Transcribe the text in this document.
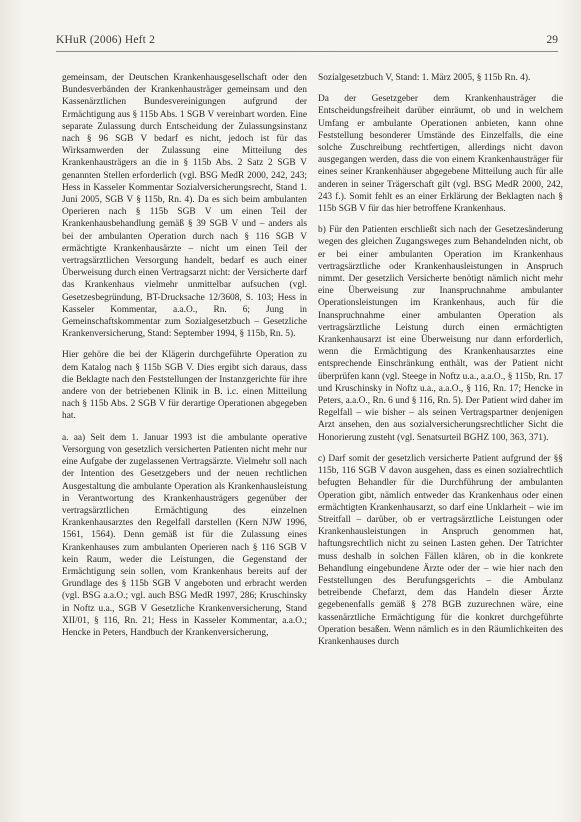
KHuR (2006) Heft 2	29

gemeinsam, der Deutschen Krankenhausgesellschaft oder den Bundesverbänden der Krankenhausträger gemeinsam und den Kassenärztlichen Bundesvereinigungen aufgrund der Ermächtigung aus § 115b Abs. 1 SGB V vereinbart worden. Eine separate Zulassung durch Entscheidung der Zulassungsinstanz nach § 96 SGB V bedarf es nicht, jedoch ist für das Wirksamwerden der Zulassung eine Mitteilung des Krankenhausträgers an die in § 115b Abs. 2 Satz 2 SGB V genannten Stellen erforderlich (vgl. BSG MedR 2000, 242, 243; Hess in Kasseler Kommentar Sozialversicherungsrecht, Stand 1. Juni 2005, SGB V § 115b, Rn. 4). Da es sich beim ambulanten Operieren nach § 115b SGB V um einen Teil der Krankenhausbehandlung gemäß § 39 SGB V und – anders als bei der ambulanten Operation durch nach § 116 SGB V ermächtigte Krankenhausärzte – nicht um einen Teil der vertragsärztlichen Versorgung handelt, bedarf es auch einer Überweisung durch einen Vertragsarzt nicht: der Versicherte darf das Krankenhaus vielmehr unmittelbar aufsuchen (vgl. Gesetzesbegründung, BT-Drucksache 12/3608, S. 103; Hess in Kasseler Kommentar, a.a.O., Rn. 6; Jung in Gemeinschaftskommentar zum Sozialgesetzbuch – Gesetzliche Krankenversicherung, Stand: September 1994, § 115b, Rn. 5).

Hier gehöre die bei der Klägerin durchgeführte Operation zu dem Katalog nach § 115b SGB V. Dies ergibt sich daraus, dass die Beklagte nach den Feststellungen der Instanzgerichte für ihre andere von der betriebenen Klinik in B. i.c. einen Mitteilung nach § 115b Abs. 2 SGB V für derartige Operationen abgegeben hat.

a. aa) Seit dem 1. Januar 1993 ist die ambulante operative Versorgung von gesetzlich versicherten Patienten nicht mehr nur eine Aufgabe der zugelassenen Vertragsärzte. Vielmehr soll nach der Intention des Gesetzgebers und der neuen rechtlichen Ausgestaltung die ambulante Operation als Krankenhausleistung in Verantwortung des Krankenhausträgers gegenüber der vertragsärztlichen Ermächtigung des einzelnen Krankenhausarztes den Regelfall darstellen (Kern NJW 1996, 1561, 1564). Denn gemäß ist für die Zulassung eines Krankenhauses zum ambulanten Operieren nach § 116 SGB V kein Raum, weder die Leistungen, die Gegenstand der Ermächtigung sein sollen, vom Krankenhaus bereits auf der Grundlage des § 115b SGB V angeboten und erbracht werden (vgl. BSG a.a.O.; vgl. auch BSG MedR 1997, 286; Kruschinsky in Noftz u.a., SGB V Gesetzliche Krankenversicherung, Stand XII/01, § 116, Rn. 21; Hess in Kasseler Kommentar, a.a.O.; Hencke in Peters, Handbuch der Krankenversicherung,

Sozialgesetzbuch V, Stand: 1. März 2005, § 115b Rn. 4).

Da der Gesetzgeber dem Krankenhausträger die Entscheidungsfreiheit darüber einräumt, ob und in welchem Umfang er ambulante Operationen anbieten, kann ohne Feststellung besonderer Umstände des Einzelfalls, die eine solche Zuschreibung rechtfertigen, allerdings nicht davon ausgegangen werden, dass die von einem Krankenhausträger für eines seiner Krankenhäuser abgegebene Mitteilung auch für alle anderen in seiner Trägerschaft gilt (vgl. BSG MedR 2000, 242, 243 f.). Somit fehlt es an einer Erklärung der Beklagten nach § 115b SGB V für das hier betroffene Krankenhaus.

b) Für den Patienten erschließt sich nach der Gesetzesänderung wegen des gleichen Zugangsweges zum Behandelnden nicht, ob er bei einer ambulanten Operation im Krankenhaus vertragsärztliche oder Krankenhausleistungen in Anspruch nimmt. Der gesetzlich Versicherte benötigt nämlich nicht mehr eine Überweisung zur Inanspruchnahme ambulanter Operationsleistungen im Krankenhaus, auch für die Inanspruchnahme einer ambulanten Operation als vertragsärztliche Leistung durch einen ermächtigten Krankenhausarzt ist eine Überweisung nur dann erforderlich, wenn die Ermächtigung des Krankenhausarztes eine entsprechende Einschränkung enthält, was der Patient nicht überprüfen kann (vgl. Steege in Noftz u.a., a.a.O., § 115b, Rn. 17 und Kruschinsky in Noftz u.a., a.a.O., § 116, Rn. 17; Hencke in Peters, a.a.O., Rn. 6 und § 116, Rn. 5). Der Patient wird daher im Regelfall – wie bisher – als seinen Vertragspartner denjenigen Arzt ansehen, den aus sozialversicherungsrechtlicher Sicht die Honorierung zusteht (vgl. Senatsurteil BGHZ 100, 363, 371).

c) Darf somit der gesetzlich versicherte Patient aufgrund der §§ 115b, 116 SGB V davon ausgehen, dass es einen sozialrechtlich befugten Behandler für die Durchführung der ambulanten Operation gibt, nämlich entweder das Krankenhaus oder einen ermächtigten Krankenhausarzt, so darf eine Unklarheit – wie im Streitfall – darüber, ob er vertragsärztliche Leistungen oder Krankenhausleistungen in Anspruch genommen hat, haftungsrechtlich nicht zu seinen Lasten gehen. Der Tatrichter muss deshalb in solchen Fällen klären, ob in die konkrete Behandlung eingebundene Ärzte oder der – wie hier nach den Feststellungen des Berufungsgerichts – die Ambulanz betreibende Chefarzt, dem das Handeln dieser Ärzte gegebenenfalls gemäß § 278 BGB zuzurechnen wäre, eine kassenärztliche Ermächtigung für die konkret durchgeführte Operation besaßen. Wenn nämlich es in den Räumlichkeiten des Krankenhauses durch
